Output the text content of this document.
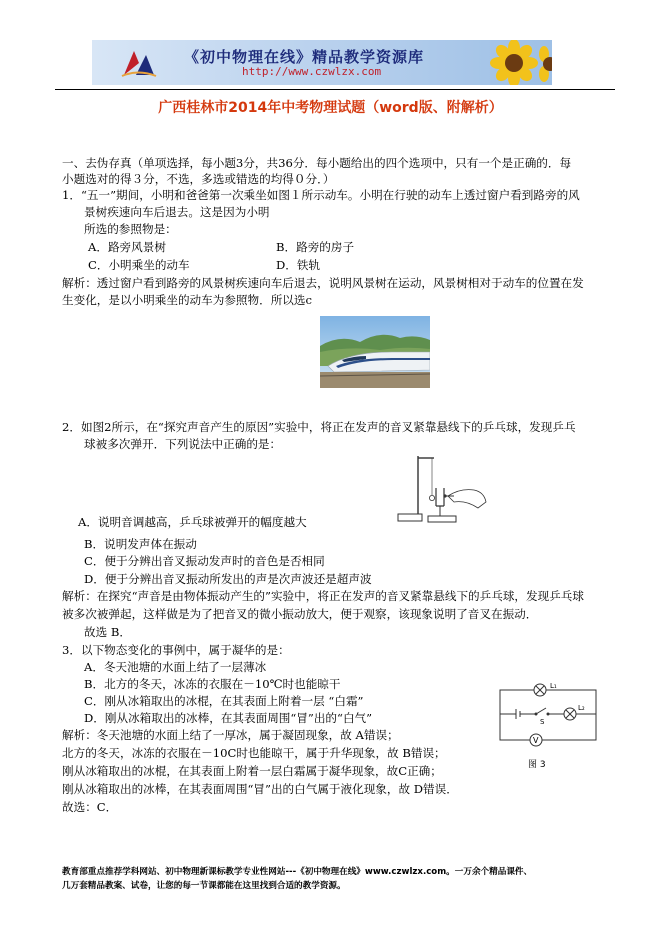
《初中物理在线》精品教学资源库
http://www.czwlzx.com
广西桂林市2014年中考物理试题（word版、附解析）
一、去伪存真（单项选择，每小题3分，共36分．每小题给出的四个选项中，只有一个是正确的．每
小题选对的得３分，不选，多选或错选的均得０分．）
1．“五一”期间，小明和爸爸第一次乘坐如图１所示动车。小明在行驶的动车上透过窗户看到路旁的风
景树疾速向车后退去。这是因为小明
所选的参照物是：
A．路旁风景树	B．路旁的房子
C．小明乘坐的动车	D．铁轨
解析：透过窗户看到路旁的风景树疾速向车后退去，说明风景树在运动，风景树相对于动车的位置在发
生变化，是以小明乘坐的动车为参照物．所以选c
2．如图2所示，在“探究声音产生的原因”实验中，将正在发声的音叉紧靠悬线下的乒乓球，发现乒乓
球被多次弹开．下列说法中正确的是：
A．说明音调越高，乒乓球被弹开的幅度越大
B．说明发声体在振动
C．便于分辨出音叉振动发声时的音色是否相同
D．便于分辨出音叉振动所发出的声是次声波还是超声波
解析：在探究“声音是由物体振动产生的”实验中，将正在发声的音叉紧靠悬线下的乒乓球，发现乒乓球
被多次被弹起，这样做是为了把音叉的微小振动放大，便于观察，该现象说明了音叉在振动．
故选 B．
3．以下物态变化的事例中，属于凝华的是：
A．冬天池塘的水面上结了一层薄冰
B．北方的冬天，冰冻的衣服在－10℃时也能晾干
C．刚从冰箱取出的冰棍，在其表面上附着一层 “白霜”
D．刚从冰箱取出的冰棒，在其表面周围“冒”出的“白气”
解析：冬天池塘的水面上结了一厚冰，属于凝固现象，故 A错误；
北方的冬天，冰冻的衣服在－10C时也能晾干，属于升华现象，故 B错误；
刚从冰箱取出的冰棍，在其表面上附着一层白霜属于凝华现象，故C正确；
刚从冰箱取出的冰棒，在其表面周围“冒”出的白气属于液化现象，故 D错误．
故选：C．
L₁
L₂
S
V
图 3
教育部重点推荐学科网站、初中物理新课标教学专业性网站---《初中物理在线》www.czwlzx.com。一万余个精品课件、
几万套精品教案、试卷，让您的每一节课都能在这里找到合适的教学资源。
